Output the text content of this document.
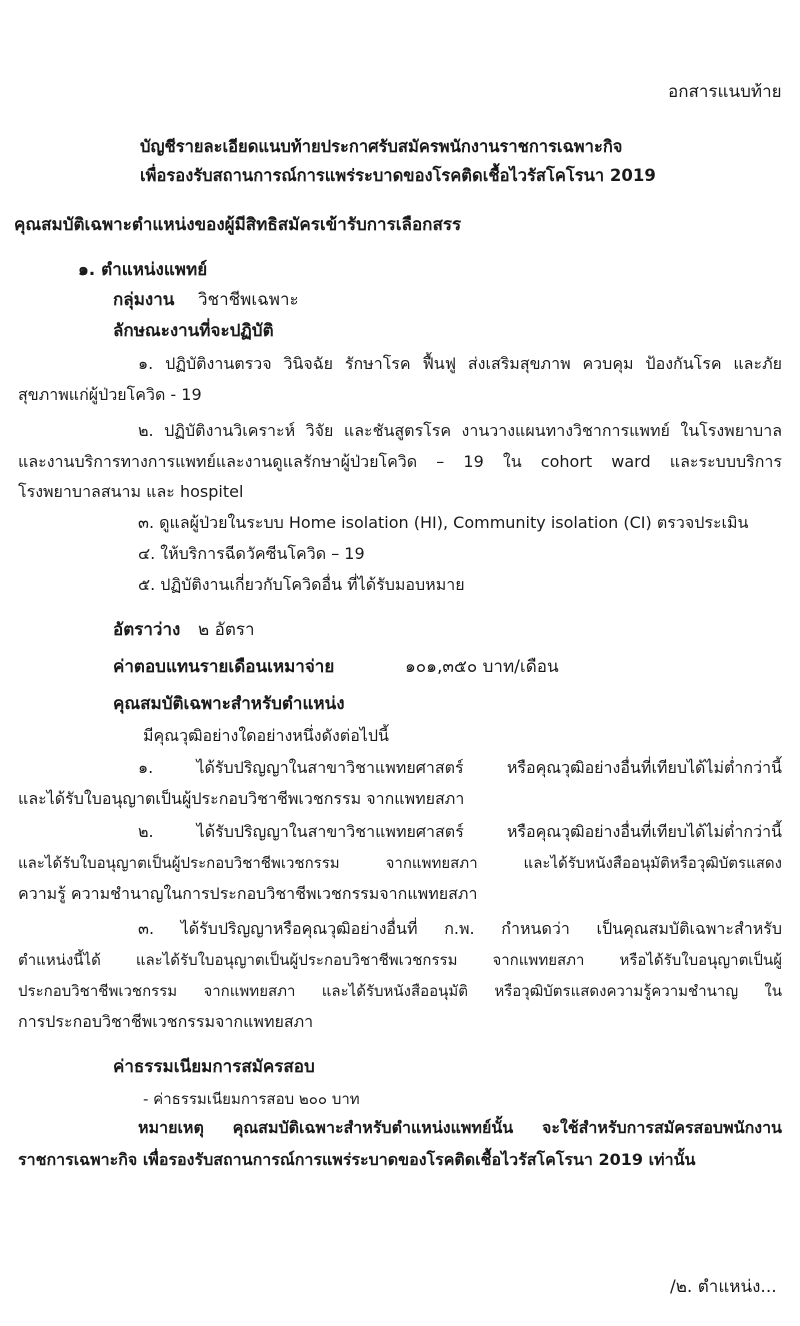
อกสารแนบท้าย
บัญชีรายละเอียดแนบท้ายประกาศรับสมัครพนักงานราชการเฉพาะกิจ
เพื่อรองรับสถานการณ์การแพร่ระบาดของโรคติดเชื้อไวรัสโคโรนา 2019
คุณสมบัติเฉพาะตำแหน่งของผู้มีสิทธิสมัครเข้ารับการเลือกสรร
๑. ตำแหน่งแพทย์
กลุ่มงาน วิชาชีพเฉพาะ
ลักษณะงานที่จะปฏิบัติ
๑. ปฏิบัติงานตรวจ วินิจฉัย รักษาโรค ฟื้นฟู ส่งเสริมสุขภาพ ควบคุม ป้องกันโรค และภัย
สุขภาพแก่ผู้ป่วยโควิด - 19
๒. ปฏิบัติงานวิเคราะห์ วิจัย และชันสูตรโรค งานวางแผนทางวิชาการแพทย์ ในโรงพยาบาล
และงานบริการทางการแพทย์และงานดูแลรักษาผู้ป่วยโควิด – 19 ใน cohort ward และระบบบริการ
โรงพยาบาลสนาม และ hospitel
๓. ดูแลผู้ป่วยในระบบ Home isolation (HI), Community isolation (CI) ตรวจประเมิน
๔. ให้บริการฉีดวัคซีนโควิด – 19
๕. ปฏิบัติงานเกี่ยวกับโควิดอื่น ที่ได้รับมอบหมาย
อัตราว่าง ๒ อัตรา
ค่าตอบแทนรายเดือนเหมาจ่าย	๑๐๑,๓๕๐ บาท/เดือน
คุณสมบัติเฉพาะสำหรับตำแหน่ง
มีคุณวุฒิอย่างใดอย่างหนึ่งดังต่อไปนี้
๑. ได้รับปริญญาในสาขาวิชาแพทยศาสตร์ หรือคุณวุฒิอย่างอื่นที่เทียบได้ไม่ต่ำกว่านี้
และได้รับใบอนุญาตเป็นผู้ประกอบวิชาชีพเวชกรรม จากแพทยสภา
๒. ได้รับปริญญาในสาขาวิชาแพทยศาสตร์ หรือคุณวุฒิอย่างอื่นที่เทียบได้ไม่ต่ำกว่านี้
และได้รับใบอนุญาตเป็นผู้ประกอบวิชาชีพเวชกรรม จากแพทยสภา และได้รับหนังสืออนุมัติหรือวุฒิบัตรแสดง
ความรู้ ความชำนาญในการประกอบวิชาชีพเวชกรรมจากแพทยสภา
๓. ได้รับปริญญาหรือคุณวุฒิอย่างอื่นที่ ก.พ. กำหนดว่า เป็นคุณสมบัติเฉพาะสำหรับ
ตำแหน่งนี้ได้ และได้รับใบอนุญาตเป็นผู้ประกอบวิชาชีพเวชกรรม จากแพทยสภา หรือได้รับใบอนุญาตเป็นผู้
ประกอบวิชาชีพเวชกรรม จากแพทยสภา และได้รับหนังสืออนุมัติ หรือวุฒิบัตรแสดงความรู้ความชำนาญ ใน
การประกอบวิชาชีพเวชกรรมจากแพทยสภา
ค่าธรรมเนียมการสมัครสอบ
- ค่าธรรมเนียมการสอบ ๒๐๐ บาท
หมายเหตุ คุณสมบัติเฉพาะสำหรับตำแหน่งแพทย์นั้น จะใช้สำหรับการสมัครสอบพนักงาน
ราชการเฉพาะกิจ เพื่อรองรับสถานการณ์การแพร่ระบาดของโรคติดเชื้อไวรัสโคโรนา 2019 เท่านั้น
/๒. ตำแหน่ง...
